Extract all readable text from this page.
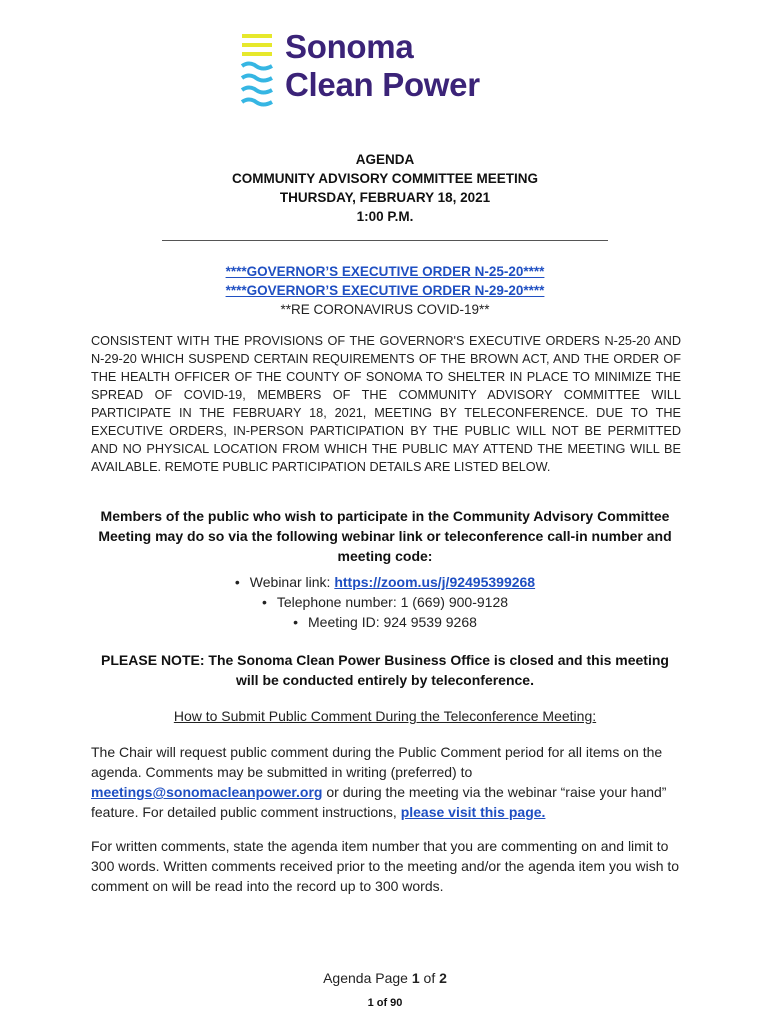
Sonoma
Clean Power
AGENDA
COMMUNITY ADVISORY COMMITTEE MEETING
THURSDAY, FEBRUARY 18, 2021
1:00 P.M.
****GOVERNOR’S EXECUTIVE ORDER N-25-20****
****GOVERNOR’S EXECUTIVE ORDER N-29-20****
**RE CORONAVIRUS COVID-19**
CONSISTENT WITH THE PROVISIONS OF THE GOVERNOR'S EXECUTIVE ORDERS N-25-20 AND N-29-20 WHICH SUSPEND CERTAIN REQUIREMENTS OF THE BROWN ACT, AND THE ORDER OF THE HEALTH OFFICER OF THE COUNTY OF SONOMA TO SHELTER IN PLACE TO MINIMIZE THE SPREAD OF COVID-19, MEMBERS OF THE COMMUNITY ADVISORY COMMITTEE WILL PARTICIPATE IN THE FEBRUARY 18, 2021, MEETING BY TELECONFERENCE. DUE TO THE EXECUTIVE ORDERS, IN-PERSON PARTICIPATION BY THE PUBLIC WILL NOT BE PERMITTED AND NO PHYSICAL LOCATION FROM WHICH THE PUBLIC MAY ATTEND THE MEETING WILL BE AVAILABLE. REMOTE PUBLIC PARTICIPATION DETAILS ARE LISTED BELOW.
Members of the public who wish to participate in the Community Advisory Committee Meeting may do so via the following webinar link or teleconference call-in number and meeting code:
• Webinar link: https://zoom.us/j/92495399268
• Telephone number: 1 (669) 900-9128
• Meeting ID: 924 9539 9268
PLEASE NOTE: The Sonoma Clean Power Business Office is closed and this meeting will be conducted entirely by teleconference.
How to Submit Public Comment During the Teleconference Meeting:
The Chair will request public comment during the Public Comment period for all items on the agenda. Comments may be submitted in writing (preferred) to meetings@sonomacleanpower.org or during the meeting via the webinar “raise your hand” feature. For detailed public comment instructions, please visit this page.
For written comments, state the agenda item number that you are commenting on and limit to 300 words. Written comments received prior to the meeting and/or the agenda item you wish to comment on will be read into the record up to 300 words.
Agenda Page 1 of 2
1 of 90
